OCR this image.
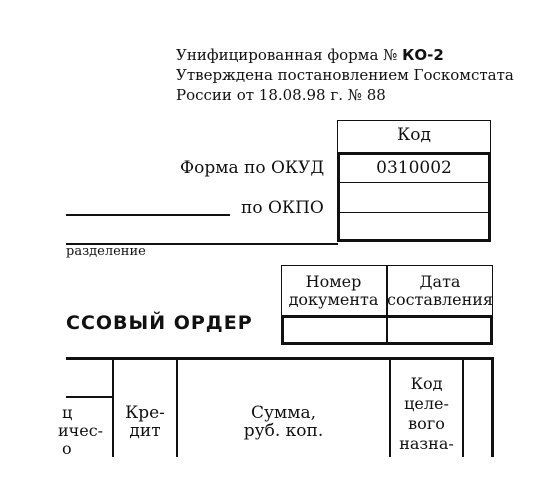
Унифицированная форма № КО-2
Утверждена постановлением Госкомстата
России от 18.08.98 г. № 88
Код
0310002
Форма по ОКУД
по ОКПО
разделение
Номер
документа
Дата
составления
ССОВЫЙ ОРДЕР
ц
ичес-
о
Кре-
дит
Сумма,
руб. коп.
Код
целе-
вого
назна-
